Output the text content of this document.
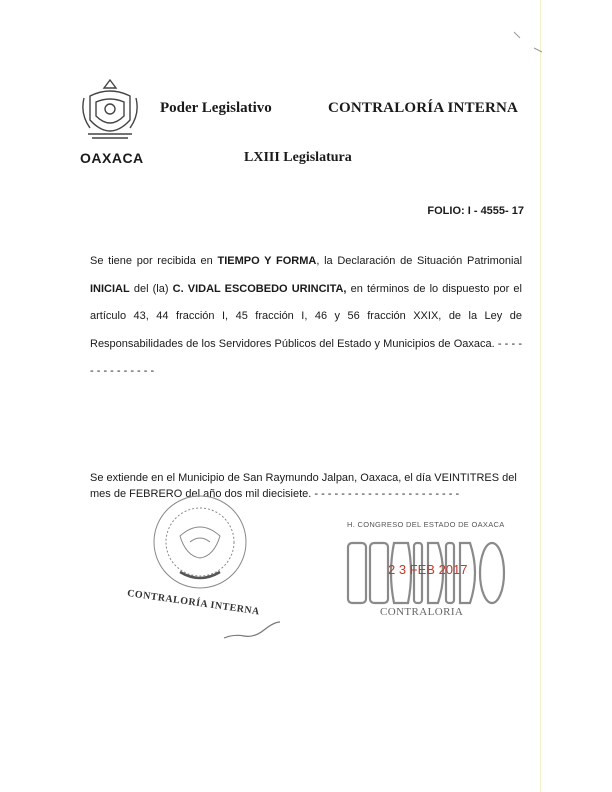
OAXACA
Poder Legislativo	CONTRALORÍA INTERNA
LXIII Legislatura
FOLIO: I - 4555- 17
Se tiene por recibida en TIEMPO Y FORMA, la Declaración de Situación Patrimonial INICIAL del (la) C. VIDAL ESCOBEDO URINCITA, en términos de lo dispuesto por el artículo 43, 44 fracción I, 45 fracción I, 46 y 56 fracción XXIX, de la Ley de Responsabilidades de los Servidores Públicos del Estado y Municipios de Oaxaca. - - - - - - - - - - - - - -
Se extiende en el Municipio de San Raymundo Jalpan, Oaxaca, el día VEINTITRES del mes de FEBRERO del año dos mil diecisiete. - - - - - - - - - - - - - - - - - - - - - -
CONTRALORÍA INTERNA
H. CONGRESO DEL ESTADO DE OAXACA
2 3 FEB 2017
CONTRALORIA
